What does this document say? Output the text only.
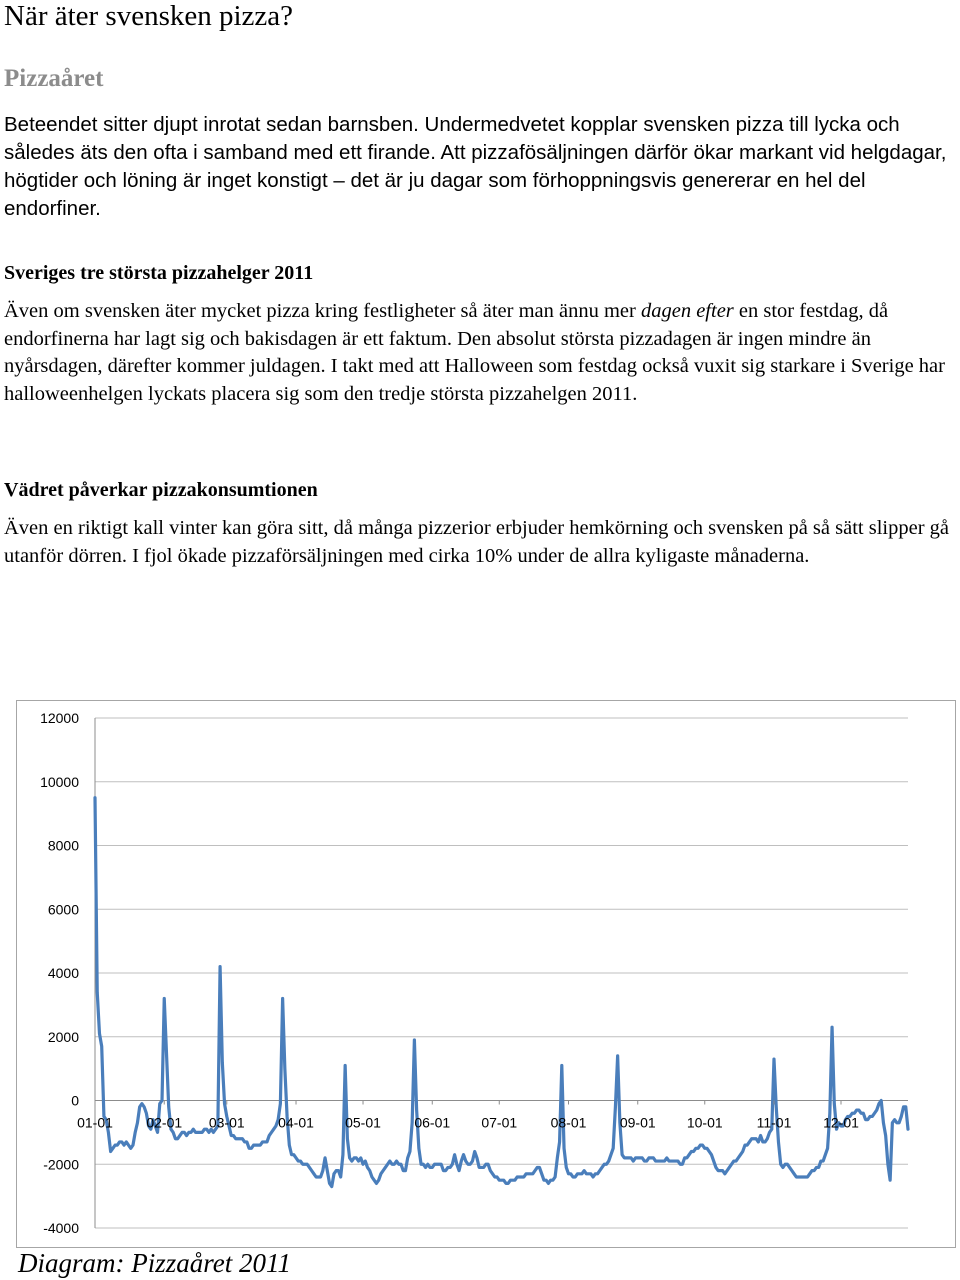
När äter svensken pizza?
Pizzaåret

Beteendet sitter djupt inrotat sedan barnsben. Undermedvetet kopplar svensken pizza till lycka och således äts den ofta i samband med ett firande. Att pizzafösäljningen därför ökar markant vid helgdagar, högtider och löning är inget konstigt – det är ju dagar som förhoppningsvis genererar en hel del endorfiner.

Sveriges tre största pizzahelger 2011

Även om svensken äter mycket pizza kring festligheter så äter man ännu mer dagen efter en stor festdag, då endorfinerna har lagt sig och bakisdagen är ett faktum. Den absolut största pizzadagen är ingen mindre än nyårsdagen, därefter kommer juldagen. I takt med att Halloween som festdag också vuxit sig starkare i Sverige har halloweenhelgen lyckats placera sig som den tredje största pizzahelgen 2011.

Vädret påverkar pizzakonsumtionen

Även en riktigt kall vinter kan göra sitt, då många pizzerior erbjuder hemkörning och svensken på så sätt slipper gå utanför dörren. I fjol ökade pizzaförsäljningen med cirka 10% under de allra kyligaste månaderna.

12000
10000
8000
6000
4000
2000
0
-2000
-4000
01-01 02-01 03-01 04-01 05-01 06-01 07-01 08-01 09-01 10-01 11-01 12-01

Diagram: Pizzaåret 2011
